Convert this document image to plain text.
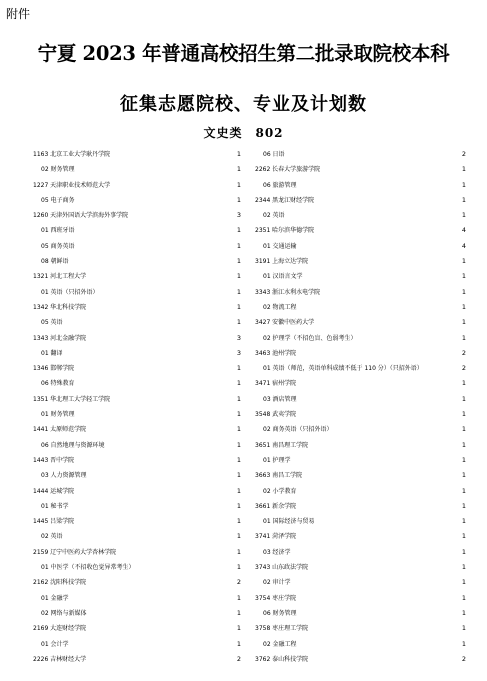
附件
宁夏 2023 年普通高校招生第二批录取院校本科
征集志愿院校、专业及计划数
文史类　802
1163 北京工业大学耿丹学院	1
02 财务管理	1
1227 天津职业技术师范大学	1
05 电子商务	1
1260 天津外国语大学滨海外事学院	3
01 西班牙语	1
05 商务英语	1
08 朝鲜语	1
1321 河北工程大学	1
01 英语（只招外语）	1
1342 华北科技学院	1
05 英语	1
1343 河北金融学院	3
01 翻译	3
1346 邯郸学院	1
06 特殊教育	1
1351 华北理工大学轻工学院	1
01 财务管理	1
1441 太原师范学院	1
06 自然地理与资源环境	1
1443 晋中学院	1
03 人力资源管理	1
1444 运城学院	1
01 秘书学	1
1445 吕梁学院	1
02 英语	1
2159 辽宁中医药大学杏林学院	1
01 中医学（不招收色觉异常考生）	1
2162 沈阳科技学院	2
01 金融学	1
02 网络与新媒体	1
2169 大连财经学院	1
01 会计学	1
2226 吉林财经大学	2
06 日语	2
2262 长春大学旅游学院	1
06 旅游管理	1
2344 黑龙江财经学院	1
02 英语	1
2351 哈尔滨华德学院	4
01 交通运输	4
3191 上海立达学院	1
01 汉语言文学	1
3343 浙江水利水电学院	1
02 物流工程	1
3427 安徽中医药大学	1
02 护理学（不招色盲、色弱考生）	1
3463 池州学院	2
01 英语（师范，英语单科成绩不低于 110 分）（只招外语）	2
3471 宿州学院	1
03 酒店管理	1
3548 武夷学院	1
02 商务英语（只招外语）	1
3651 南昌理工学院	1
01 护理学	1
3663 南昌工学院	1
02 小学教育	1
3661 新余学院	1
01 国际经济与贸易	1
3741 菏泽学院	1
03 经济学	1
3743 山东政法学院	1
02 审计学	1
3754 枣庄学院	1
06 财务管理	1
3758 枣庄理工学院	1
02 金融工程	1
3762 泰山科技学院	2
